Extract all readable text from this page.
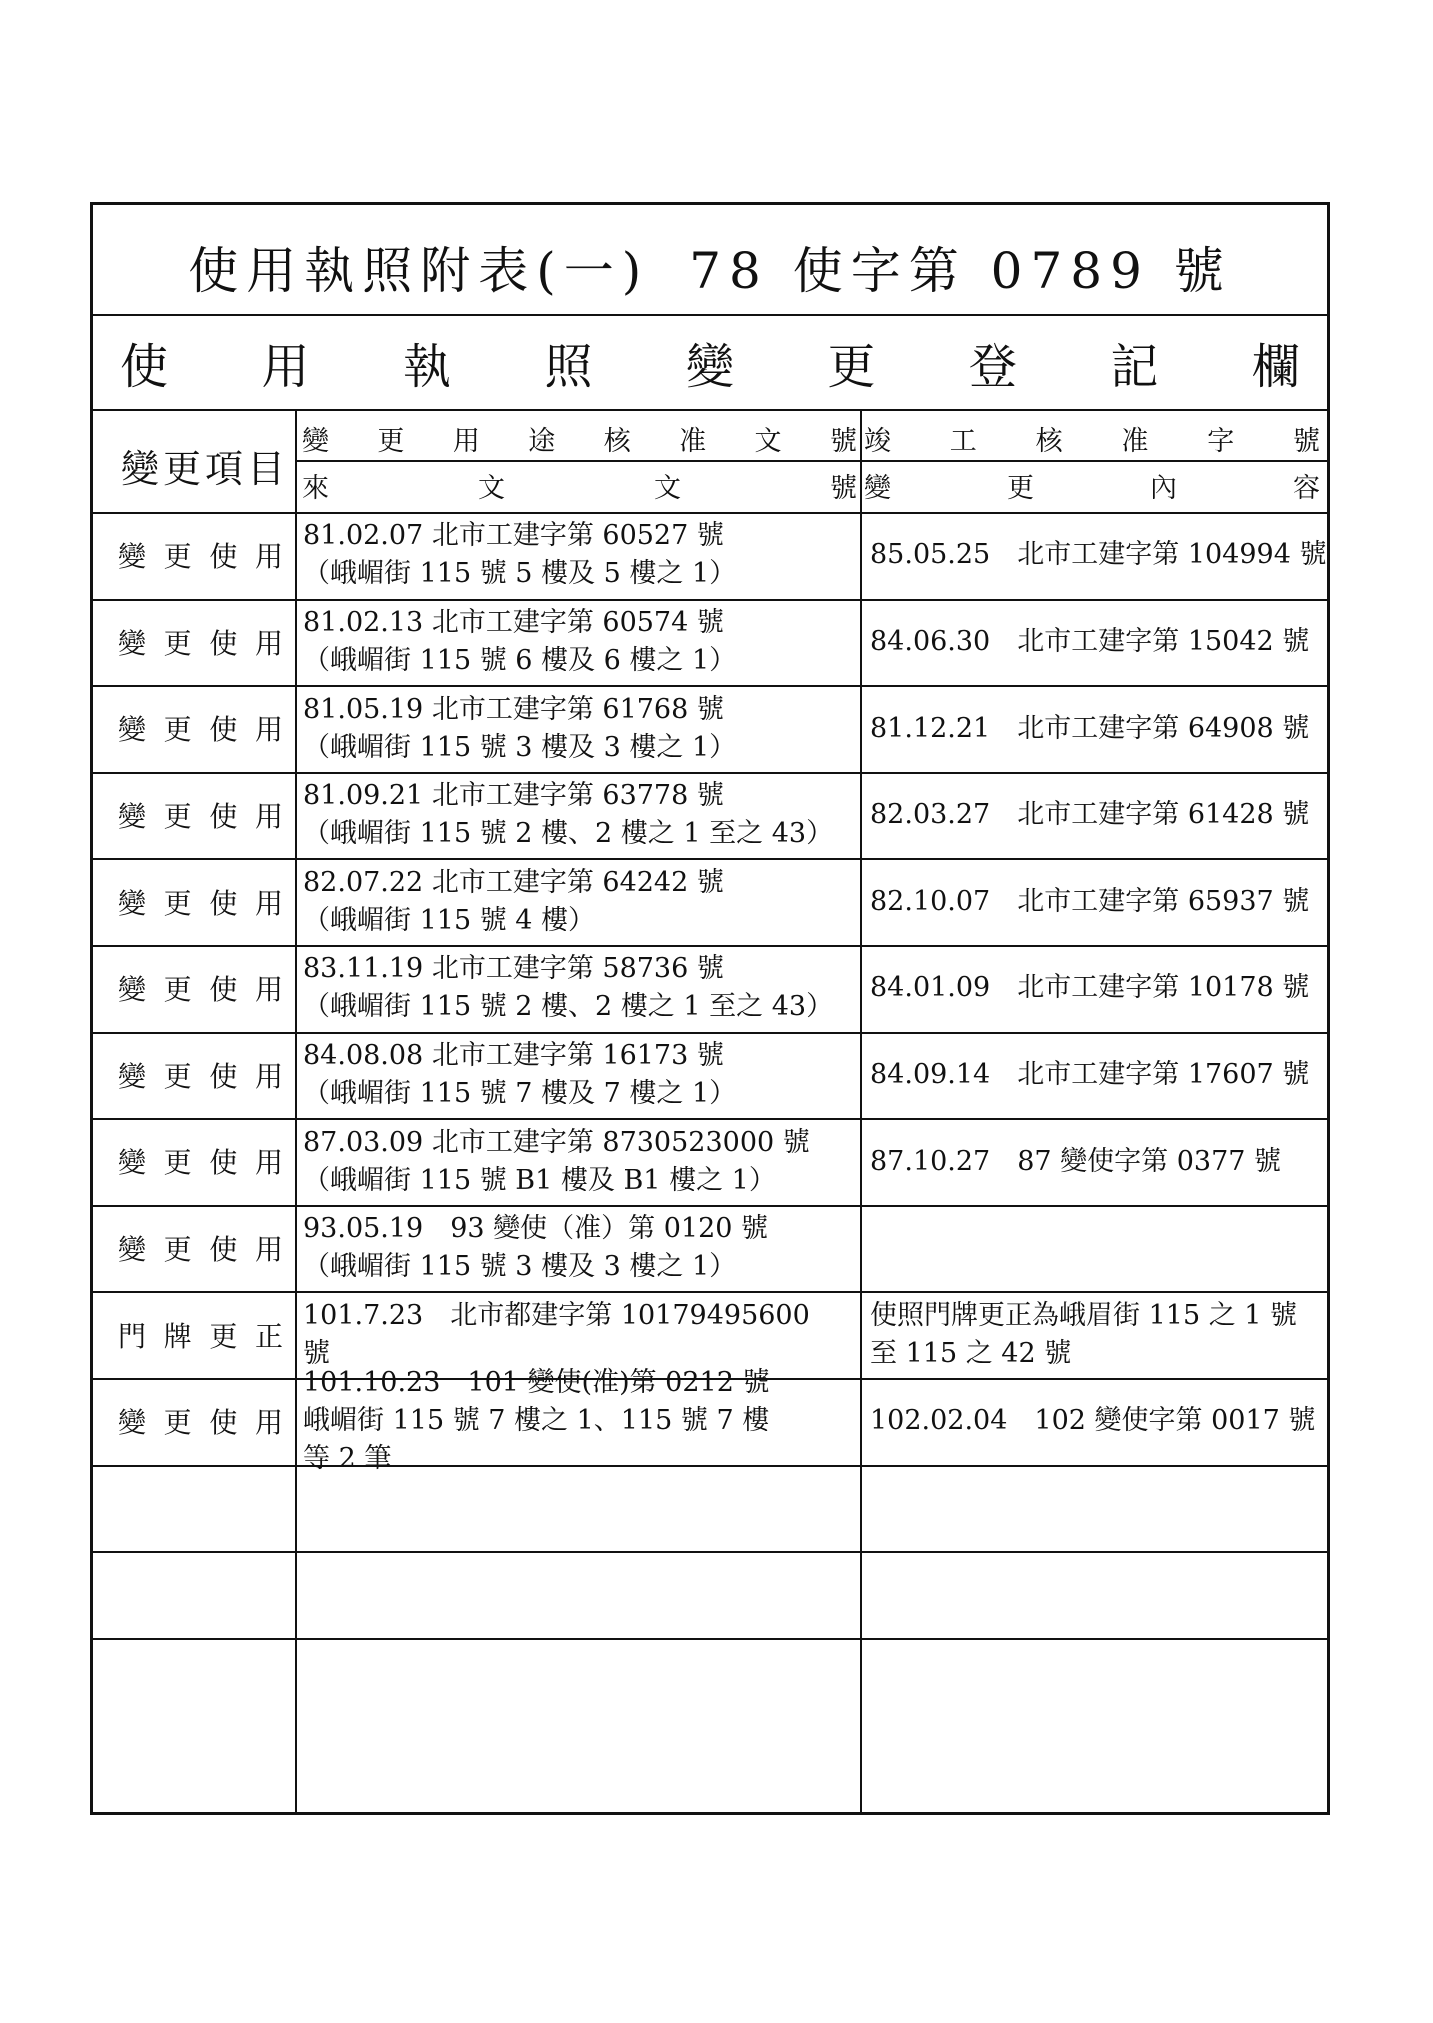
使用執照附表(一) 78 使字第 0789 號
使 用 執 照 變 更 登 記 欄
變更項目
變 更 用 途 核 准 文 號
來	文	文	號
竣 工 核 准 字 號
變	更	內	容
變 更 使 用
81.02.07 北市工建字第 60527 號
（峨嵋街 115 號 5 樓及 5 樓之 1）
85.05.25　北市工建字第 104994 號
變 更 使 用
81.02.13 北市工建字第 60574 號
（峨嵋街 115 號 6 樓及 6 樓之 1）
84.06.30　北市工建字第 15042 號
變 更 使 用
81.05.19 北市工建字第 61768 號
（峨嵋街 115 號 3 樓及 3 樓之 1）
81.12.21　北市工建字第 64908 號
變 更 使 用
81.09.21 北市工建字第 63778 號
（峨嵋街 115 號 2 樓、2 樓之 1 至之 43）
82.03.27　北市工建字第 61428 號
變 更 使 用
82.07.22 北市工建字第 64242 號
（峨嵋街 115 號 4 樓）
82.10.07　北市工建字第 65937 號
變 更 使 用
83.11.19 北市工建字第 58736 號
（峨嵋街 115 號 2 樓、2 樓之 1 至之 43）
84.01.09　北市工建字第 10178 號
變 更 使 用
84.08.08 北市工建字第 16173 號
（峨嵋街 115 號 7 樓及 7 樓之 1）
84.09.14　北市工建字第 17607 號
變 更 使 用
87.03.09 北市工建字第 8730523000 號
（峨嵋街 115 號 B1 樓及 B1 樓之 1）
87.10.27　87 變使字第 0377 號
變 更 使 用
93.05.19　93 變使（准）第 0120 號
（峨嵋街 115 號 3 樓及 3 樓之 1）
門 牌 更 正
101.7.23　北市都建字第 10179495600
號
使照門牌更正為峨眉街 115 之 1 號
至 115 之 42 號
變 更 使 用
101.10.23　101 變使(准)第 0212 號
峨嵋街 115 號 7 樓之 1、115 號 7 樓
等 2 筆
102.02.04　102 變使字第 0017 號
